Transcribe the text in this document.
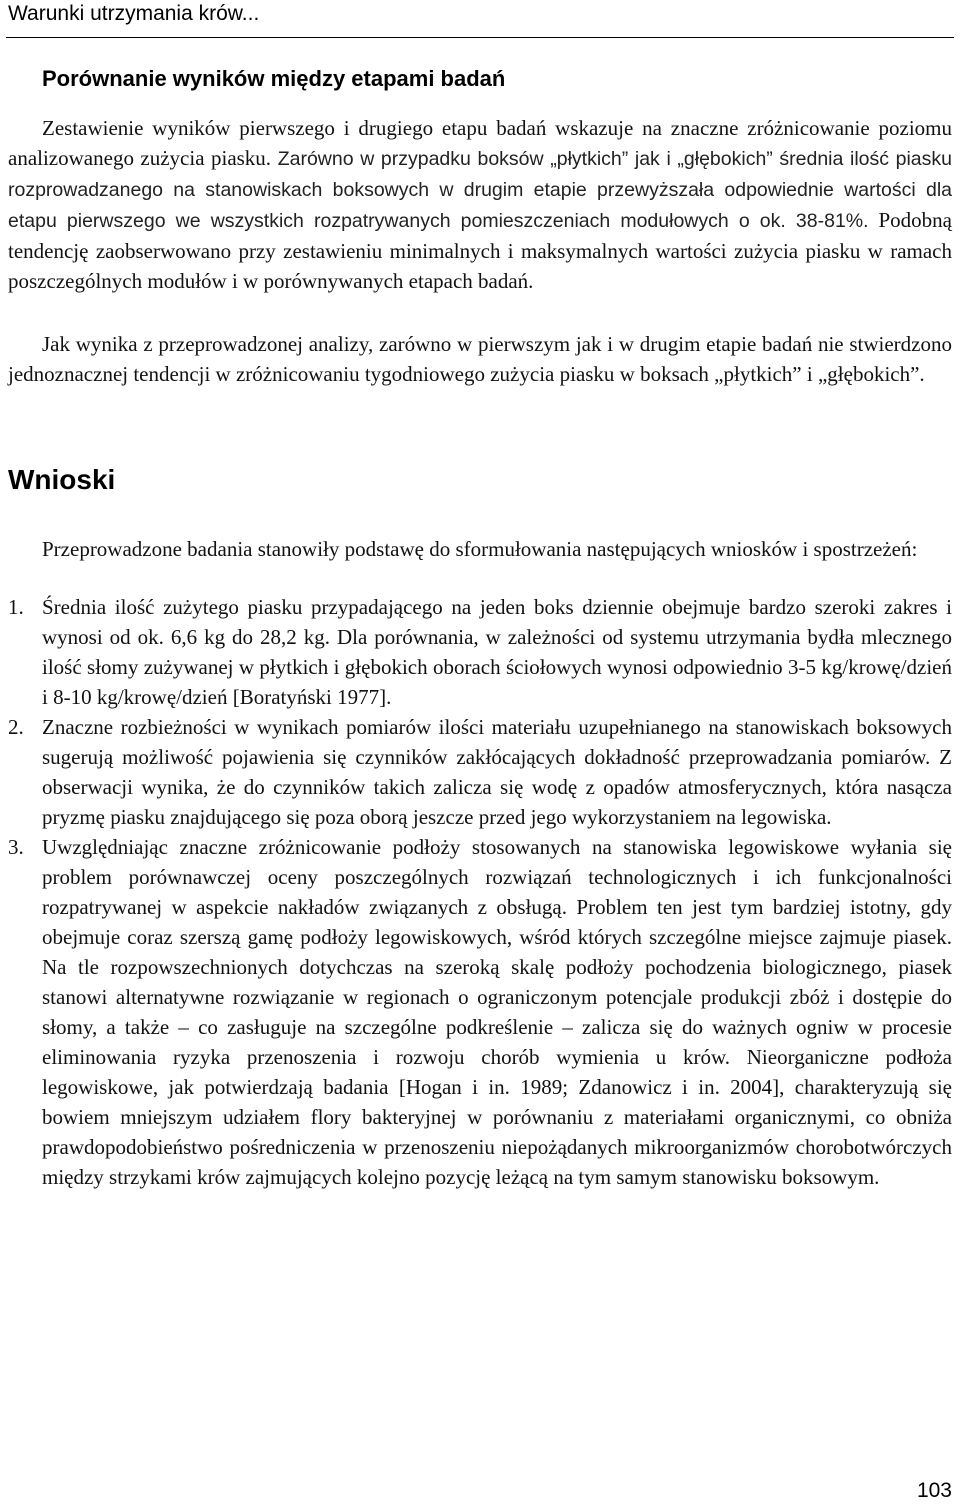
Warunki utrzymania krów...
Porównanie wyników między etapami badań

Zestawienie wyników pierwszego i drugiego etapu badań wskazuje na znaczne zróżnicowanie poziomu analizowanego zużycia piasku. Zarówno w przypadku boksów „płytkich” jak i „głębokich” średnia ilość piasku rozprowadzanego na stanowiskach boksowych w drugim etapie przewyższała odpowiednie wartości dla etapu pierwszego we wszystkich rozpatrywanych pomieszczeniach modułowych o ok. 38-81%. Podobną tendencję zaobserwowano przy zestawieniu minimalnych i maksymalnych wartości zużycia piasku w ramach poszczególnych modułów i w porównywanych etapach badań.

Jak wynika z przeprowadzonej analizy, zarówno w pierwszym jak i w drugim etapie badań nie stwierdzono jednoznacznej tendencji w zróżnicowaniu tygodniowego zużycia piasku w boksach „płytkich” i „głębokich”.

Wnioski

Przeprowadzone badania stanowiły podstawę do sformułowania następujących wniosków i spostrzeżeń:

1. Średnia ilość zużytego piasku przypadającego na jeden boks dziennie obejmuje bardzo szeroki zakres i wynosi od ok. 6,6 kg do 28,2 kg. Dla porównania, w zależności od systemu utrzymania bydła mlecznego ilość słomy zużywanej w płytkich i głębokich oborach ściołowych wynosi odpowiednio 3-5 kg/krowę/dzień i 8-10 kg/krowę/dzień [Boratyński 1977].
2. Znaczne rozbieżności w wynikach pomiarów ilości materiału uzupełnianego na stanowiskach boksowych sugerują możliwość pojawienia się czynników zakłócających dokładność przeprowadzania pomiarów. Z obserwacji wynika, że do czynników takich zalicza się wodę z opadów atmosferycznych, która nasącza pryzmę piasku znajdującego się poza oborą jeszcze przed jego wykorzystaniem na legowiska.
3. Uwzględniając znaczne zróżnicowanie podłoży stosowanych na stanowiska legowiskowe wyłania się problem porównawczej oceny poszczególnych rozwiązań technologicznych i ich funkcjonalności rozpatrywanej w aspekcie nakładów związanych z obsługą. Problem ten jest tym bardziej istotny, gdy obejmuje coraz szerszą gamę podłoży legowiskowych, wśród których szczególne miejsce zajmuje piasek. Na tle rozpowszechnionych dotychczas na szeroką skalę podłoży pochodzenia biologicznego, piasek stanowi alternatywne rozwiązanie w regionach o ograniczonym potencjale produkcji zbóż i dostępie do słomy, a także – co zasługuje na szczególne podkreślenie – zalicza się do ważnych ogniw w procesie eliminowania ryzyka przenoszenia i rozwoju chorób wymienia u krów. Nieorganiczne podłoża legowiskowe, jak potwierdzają badania [Hogan i in. 1989; Zdanowicz i in. 2004], charakteryzują się bowiem mniejszym udziałem flory bakteryjnej w porównaniu z materiałami organicznymi, co obniża prawdopodobieństwo pośredniczenia w przenoszeniu niepożądanych mikroorganizmów chorobotwórczych między strzykami krów zajmujących kolejno pozycję leżącą na tym samym stanowisku boksowym.
103
